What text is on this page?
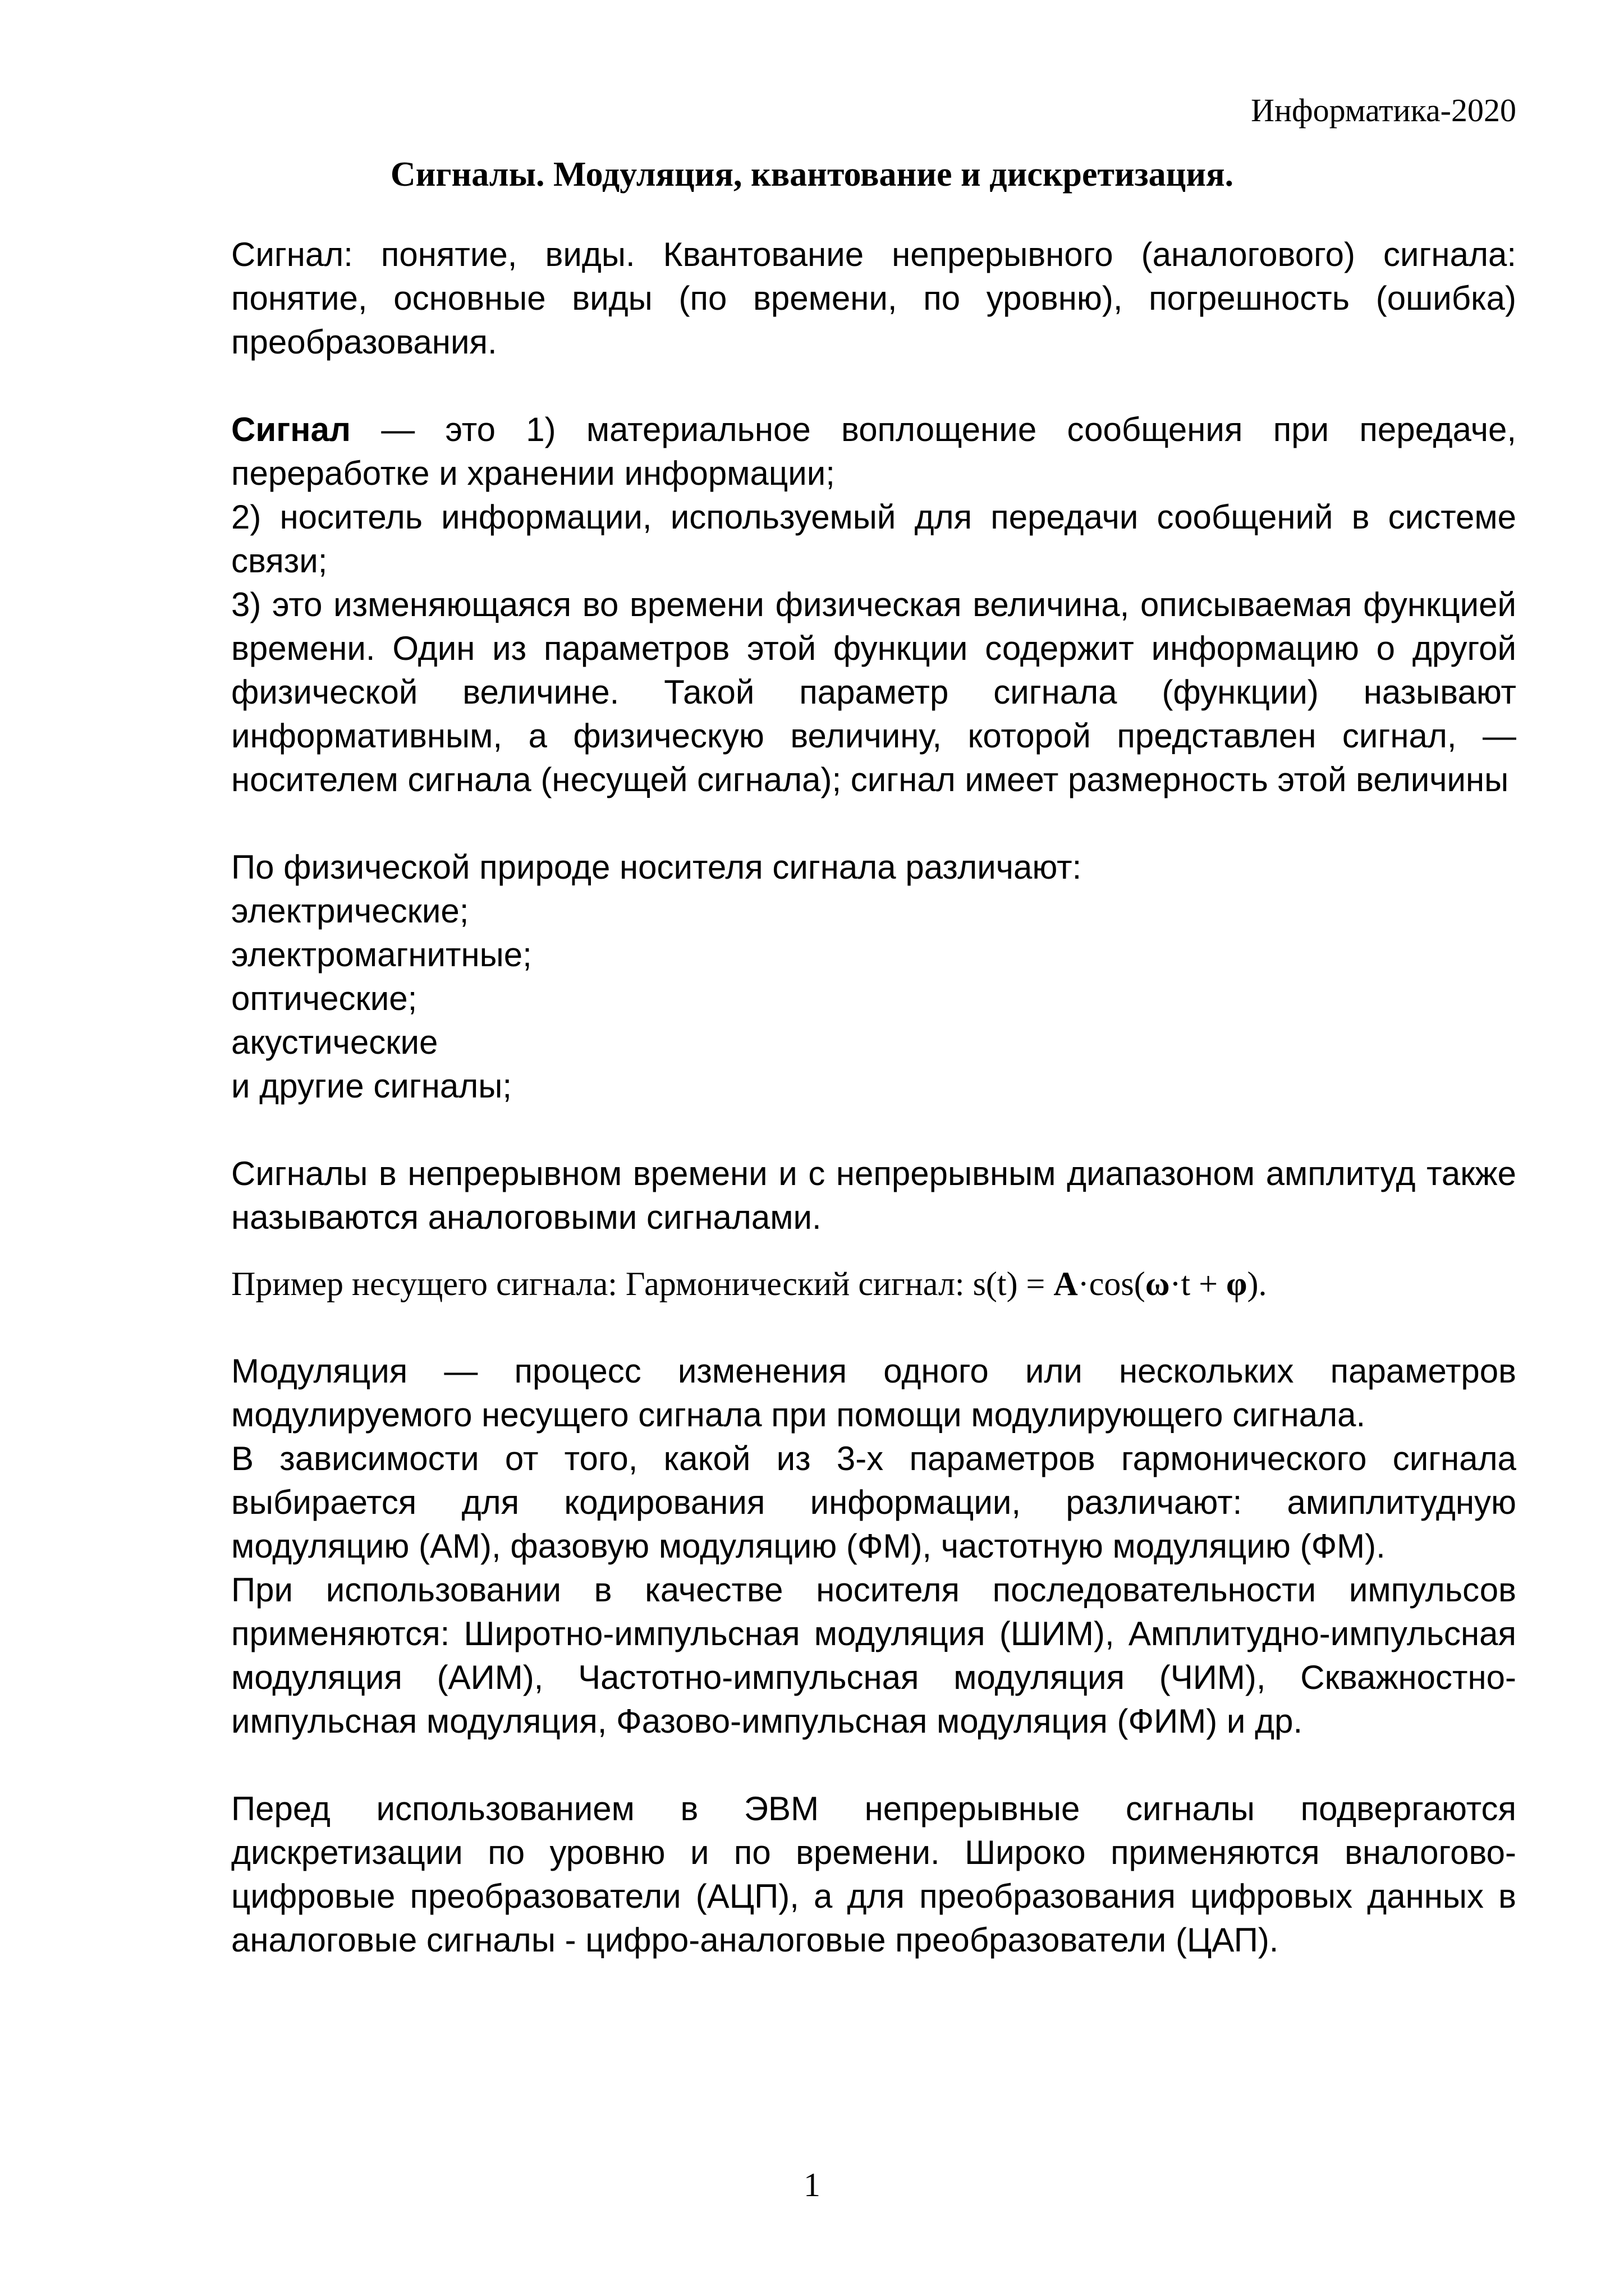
Информатика-2020
Сигналы. Модуляция, квантование и дискретизация.

Сигнал: понятие, виды. Квантование непрерывного (аналогового) сигнала: понятие, основные виды (по времени, по уровню), погрешность (ошибка) преобразования.

Сигнал — это 1) материальное воплощение сообщения при передаче, переработке и хранении информации;

2) носитель информации, используемый для передачи сообщений в системе связи;

3) это изменяющаяся во времени физическая величина, описываемая функцией времени. Один из параметров этой функции содержит информацию о другой физической величине. Такой параметр сигнала (функции) называют информативным, а физическую величину, которой представлен сигнал, — носителем сигнала (несущей сигнала); сигнал имеет размерность этой величины

По физической природе носителя сигнала различают:

электрические;

электромагнитные;

оптические;

акустические

и другие сигналы;

Сигналы в непрерывном времени и с непрерывным диапазоном амплитуд также называются аналоговыми сигналами.

Пример несущего сигнала: Гармонический сигнал: s(t) = A·cos(ω·t + φ).

Модуляция — процесс изменения одного или нескольких параметров модулируемого несущего сигнала при помощи модулирующего сигнала.

В зависимости от того, какой из 3-х параметров гармонического сигнала выбирается для кодирования информации, различают: амиплитудную модуляцию (АМ), фазовую модуляцию (ФМ), частотную модуляцию (ФМ).

При использовании в качестве носителя последовательности импульсов применяются: Широтно-импульсная модуляция (ШИМ), Амплитудно-импульсная модуляция (АИМ), Частотно-импульсная модуляция (ЧИМ), Скважностно-импульсная модуляция, Фазово-импульсная модуляция (ФИМ) и др.

Перед использованием в ЭВМ непрерывные сигналы подвергаются дискретизации по уровню и по времени. Широко применяются вналогово-цифровые преобразователи (АЦП), а для преобразования цифровых данных в аналоговые сигналы - цифро-аналоговые преобразователи (ЦАП).

1
